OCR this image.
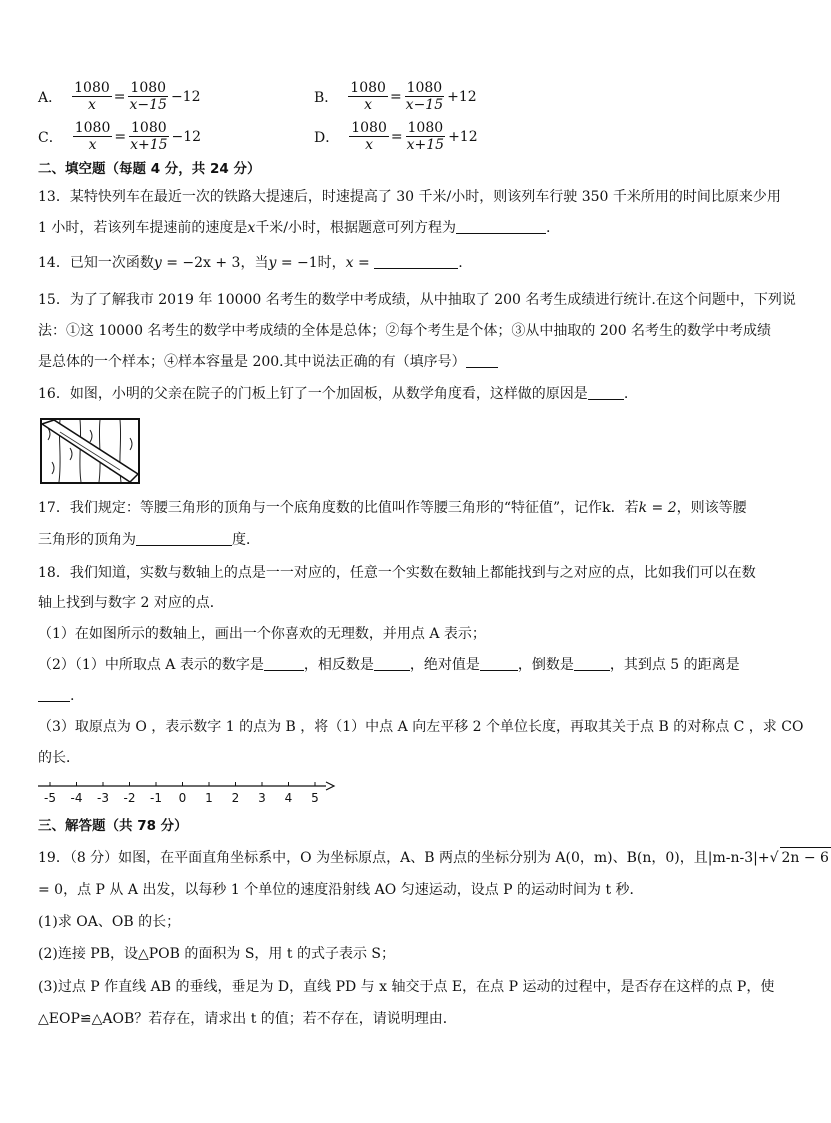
A． $\frac{1080}{x} = \frac{1080}{x-15} -12$	B． $\frac{1080}{x} = \frac{1080}{x-15} +12$
C． $\frac{1080}{x} = \frac{1080}{x+15} -12$	D． $\frac{1080}{x} = \frac{1080}{x+15} +12$
二、填空题（每题 4 分，共 24 分）
13．某特快列车在最近一次的铁路大提速后，时速提高了 30 千米/小时，则该列车行驶 350 千米所用的时间比原来少用
1 小时，若该列车提速前的速度是x千米/小时，根据题意可列方程为	.
14．已知一次函数y = −2x + 3，当y = −1时，x =	.
15．为了了解我市 2019 年 10000 名考生的数学中考成绩，从中抽取了 200 名考生成绩进行统计.在这个问题中，下列说
法：①这 10000 名考生的数学中考成绩的全体是总体；②每个考生是个体；③从中抽取的 200 名考生的数学中考成绩
是总体的一个样本；④样本容量是 200.其中说法正确的有（填序号）
16．如图，小明的父亲在院子的门板上钉了一个加固板，从数学角度看，这样做的原因是	.
17．我们规定：等腰三角形的顶角与一个底角度数的比值叫作等腰三角形的“特征值”，记作k．若k = 2，则该等腰
三角形的顶角为	度．
18．我们知道，实数与数轴上的点是一一对应的，任意一个实数在数轴上都能找到与之对应的点，比如我们可以在数
轴上找到与数字 2 对应的点．
（1）在如图所示的数轴上，画出一个你喜欢的无理数，并用点 A 表示；
（2）（1）中所取点 A 表示的数字是	，相反数是	，绝对值是	，倒数是	，其到点 5 的距离是
.
（3）取原点为 O ，表示数字 1 的点为 B ，将（1）中点 A 向左平移 2 个单位长度，再取其关于点 B 的对称点 C ，求 CO
的长．
-5 -4 -3 -2 -1 0 1 2 3 4 5
三、解答题（共 78 分）
19．（8 分）如图，在平面直角坐标系中，O 为坐标原点，A、B 两点的坐标分别为 A(0，m)、B(n，0)，且|m-n-3|+√ 2n − 6
= 0，点 P 从 A 出发，以每秒 1 个单位的速度沿射线 AO 匀速运动，设点 P 的运动时间为 t 秒．
(1)求 OA、OB 的长；
(2)连接 PB，设△POB 的面积为 S，用 t 的式子表示 S；
(3)过点 P 作直线 AB 的垂线，垂足为 D，直线 PD 与 x 轴交于点 E，在点 P 运动的过程中，是否存在这样的点 P，使
△EOP≌△AOB？若存在，请求出 t 的值；若不存在，请说明理由．
